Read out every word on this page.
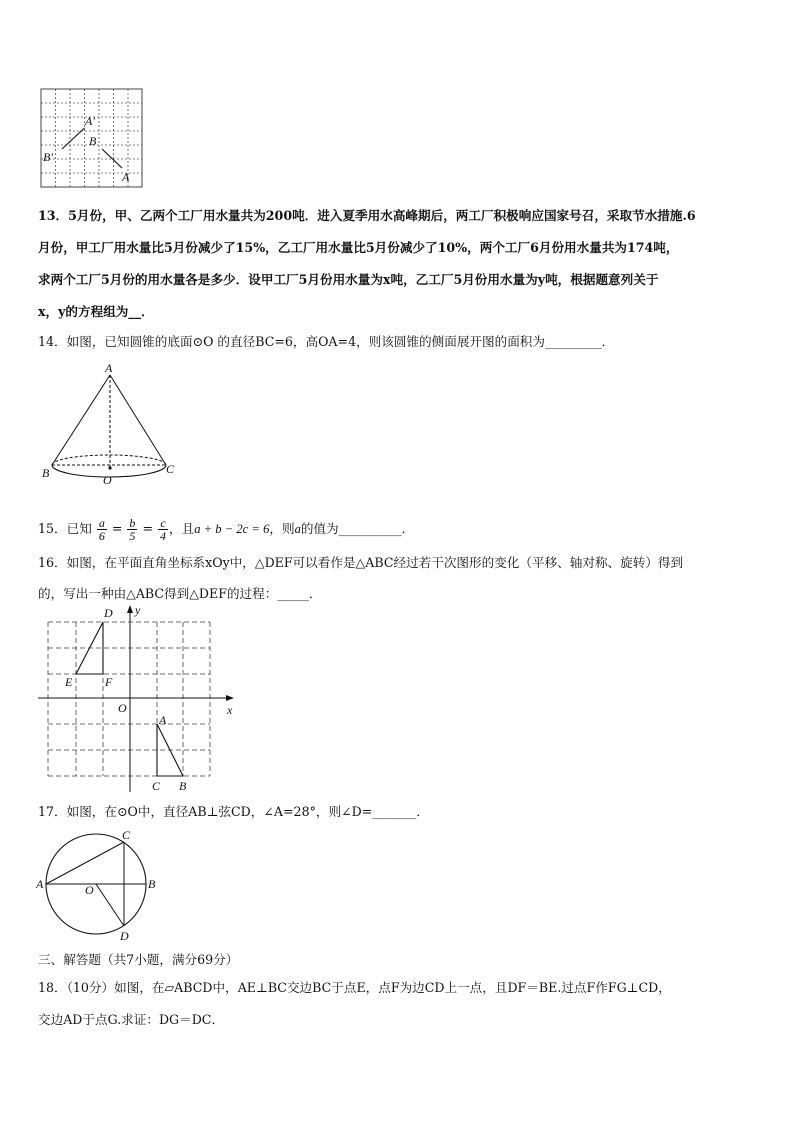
A′
B′
B
A
13．5月份，甲、乙两个工厂用水量共为200吨．进入夏季用水高峰期后，两工厂积极响应国家号召，采取节水措施.6
月份，甲工厂用水量比5月份减少了15%，乙工厂用水量比5月份减少了10%，两个工厂6月份用水量共为174吨，
求两个工厂5月份的用水量各是多少．设甲工厂5月份用水量为x吨，乙工厂5月份用水量为y吨，根据题意列关于
x，y的方程组为__．
14．如图，已知圆锥的底面⊙O 的直径BC=6，高OA=4，则该圆锥的侧面展开图的面积为_________．
A
B	C
O
15．已知 $\frac{a}{6} = \frac{b}{5} = \frac{c}{4}$ ，且a + b − 2c = 6，则a的值为__________．
16．如图，在平面直角坐标系xOy中，△DEF可以看作是△ABC经过若干次图形的变化（平移、轴对称、旋转）得到
的，写出一种由△ABC得到△DEF的过程：_____．
D
E	F
y
x
O
A
C B
17．如图，在⊙O中，直径AB⊥弦CD，∠A=28°，则∠D=_______．
C
A	O	B
D
三、解答题（共7小题，满分69分）
18．（10分）如图，在▱ABCD中，AE⊥BC交边BC于点E，点F为边CD上一点，且DF＝BE.过点F作FG⊥CD，
交边AD于点G.求证：DG＝DC．
